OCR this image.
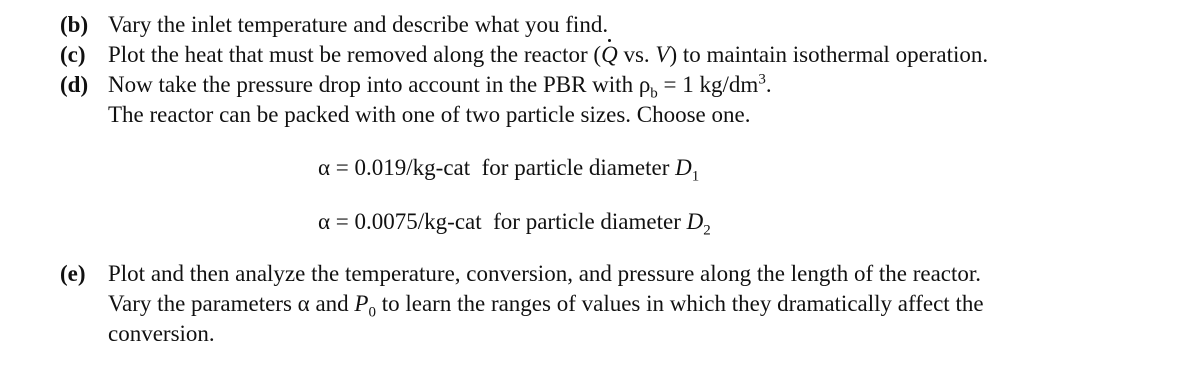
(b) Vary the inlet temperature and describe what you find.
(c) Plot the heat that must be removed along the reactor (Q vs. V) to maintain isothermal operation.
(d) Now take the pressure drop into account in the PBR with $\rho_b = 1$ $kg/dm^3$.
The reactor can be packed with one of two particle sizes. Choose one.
α = 0.019/kg-cat for particle diameter $D_1$
α = 0.0075/kg-cat for particle diameter $D_2$
(e) Plot and then analyze the temperature, conversion, and pressure along the length of the reactor.
Vary the parameters α and $P_0$ to learn the ranges of values in which they dramatically affect the
conversion.
